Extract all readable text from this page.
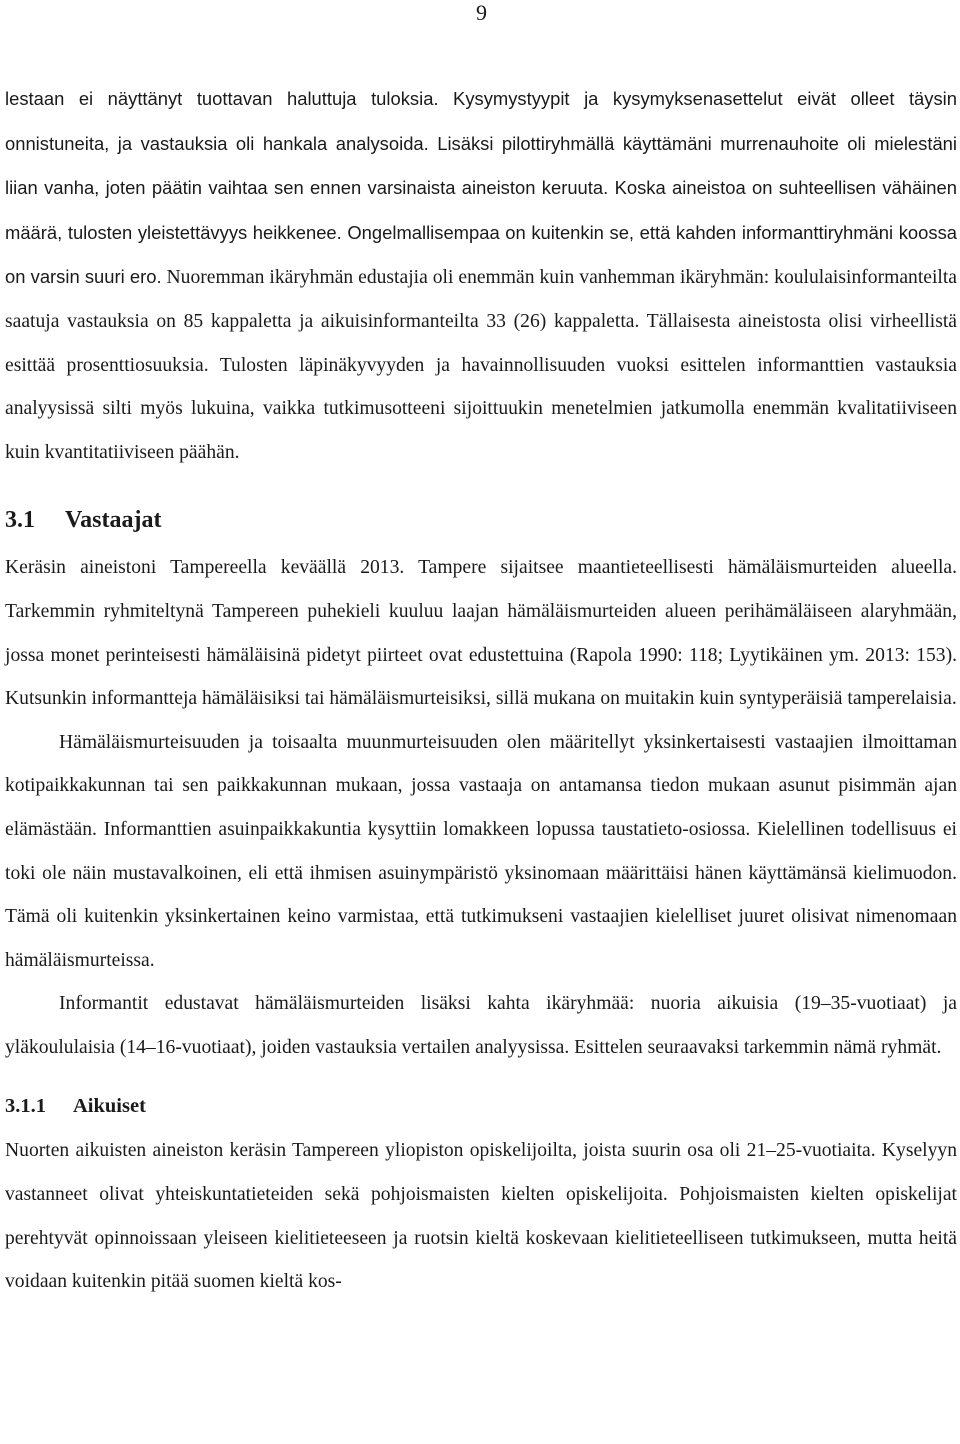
9

lestaan ei näyttänyt tuottavan haluttuja tuloksia. Kysymystyypit ja kysymyksenasettelut eivät olleet täysin onnistuneita, ja vastauksia oli hankala analysoida. Lisäksi pilottiryhmällä käyttämäni murrenauhoite oli mielestäni liian vanha, joten päätin vaihtaa sen ennen varsinaista aineiston keruuta. Koska aineistoa on suhteellisen vähäinen määrä, tulosten yleistettävyys heikkenee. Ongelmallisempaa on kuitenkin se, että kahden informanttiryhmäni koossa on varsin suuri ero. Nuoremman ikäryhmän edustajia oli enemmän kuin vanhemman ikäryhmän: koululaisinformanteilta saatuja vastauksia on 85 kappaletta ja aikuisinformanteilta 33 (26) kappaletta. Tällaisesta aineistosta olisi virheellistä esittää prosenttiosuuksia. Tulosten läpinäkyvyyden ja havainnollisuuden vuoksi esittelen informanttien vastauksia analyysissä silti myös lukuina, vaikka tutkimusotteeni sijoittuukin menetelmien jatkumolla enemmän kvalitatiiviseen kuin kvantitatiiviseen päähän.

3.1 Vastaajat

Keräsin aineistoni Tampereella keväällä 2013. Tampere sijaitsee maantieteellisesti hämäläismurteiden alueella. Tarkemmin ryhmiteltynä Tampereen puhekieli kuuluu laajan hämäläismurteiden alueen perihämäläiseen alaryhmään, jossa monet perinteisesti hämäläisinä pidetyt piirteet ovat edustettuina (Rapola 1990: 118; Lyytikäinen ym. 2013: 153). Kutsunkin informantteja hämäläisiksi tai hämäläismurteisiksi, sillä mukana on muitakin kuin syntyperäisiä tamperelaisia.

Hämäläismurteisuuden ja toisaalta muunmurteisuuden olen määritellyt yksinkertaisesti vastaajien ilmoittaman kotipaikkakunnan tai sen paikkakunnan mukaan, jossa vastaaja on antamansa tiedon mukaan asunut pisimmän ajan elämästään. Informanttien asuinpaikkakuntia kysyttiin lomakkeen lopussa taustatieto-osiossa. Kielellinen todellisuus ei toki ole näin mustavalkoinen, eli että ihmisen asuinympäristö yksinomaan määrittäisi hänen käyttämänsä kielimuodon. Tämä oli kuitenkin yksinkertainen keino varmistaa, että tutkimukseni vastaajien kielelliset juuret olisivat nimenomaan hämäläismurteissa.

Informantit edustavat hämäläismurteiden lisäksi kahta ikäryhmää: nuoria aikuisia (19–35-vuotiaat) ja yläkoululaisia (14–16-vuotiaat), joiden vastauksia vertailen analyysissa. Esittelen seuraavaksi tarkemmin nämä ryhmät.

3.1.1 Aikuiset

Nuorten aikuisten aineiston keräsin Tampereen yliopiston opiskelijoilta, joista suurin osa oli 21–25-vuotiaita. Kyselyyn vastanneet olivat yhteiskuntatieteiden sekä pohjoismaisten kielten opiskelijoita. Pohjoismaisten kielten opiskelijat perehtyvät opinnoissaan yleiseen kielitieteeseen ja ruotsin kieltä koskevaan kielitieteelliseen tutkimukseen, mutta heitä voidaan kuitenkin pitää suomen kieltä kos-
